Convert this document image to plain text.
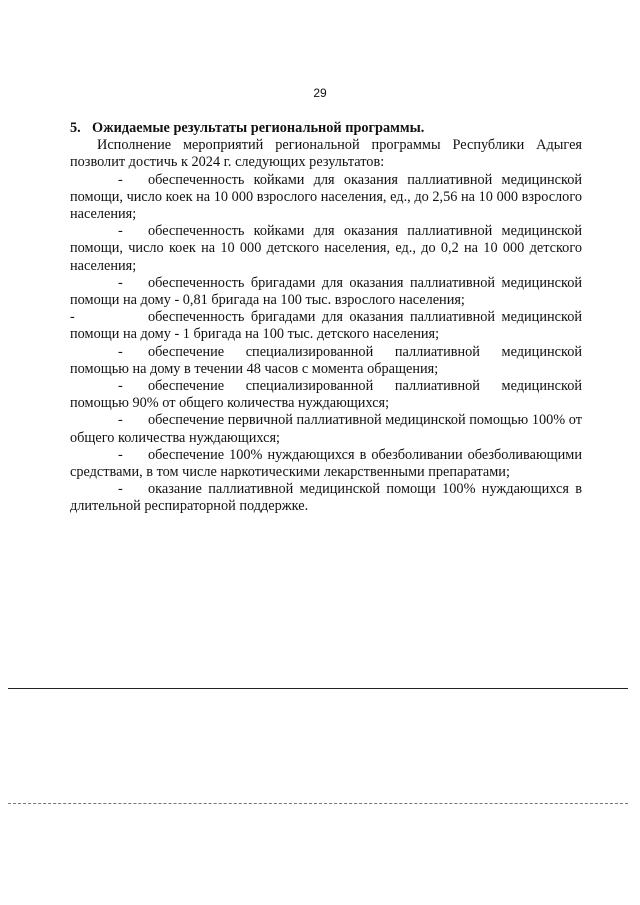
29

5. Ожидаемые результаты региональной программы.

Исполнение мероприятий региональной программы Республики Адыгея позволит достичь к 2024 г. следующих результатов:

- обеспеченность койками для оказания паллиативной медицинской помощи, число коек на 10 000 взрослого населения, ед., до 2,56 на 10 000 взрослого населения;

- обеспеченность койками для оказания паллиативной медицинской помощи, число коек на 10 000 детского населения, ед., до 0,2 на 10 000 детского населения;

- обеспеченность бригадами для оказания паллиативной медицинской помощи на дому - 0,81 бригада на 100 тыс. взрослого населения;

-	обеспеченность бригадами для оказания паллиативной медицинской помощи на дому - 1 бригада на 100 тыс. детского населения;

- обеспечение специализированной паллиативной медицинской помощью на дому в течении 48 часов с момента обращения;

- обеспечение специализированной паллиативной медицинской помощью 90% от общего количества нуждающихся;

- обеспечение первичной паллиативной медицинской помощью 100% от общего количества нуждающихся;

- обеспечение 100% нуждающихся в обезболивании обезболивающими средствами, в том числе наркотическими лекарственными препаратами;

- оказание паллиативной медицинской помощи 100% нуждающихся в длительной респираторной поддержке.
